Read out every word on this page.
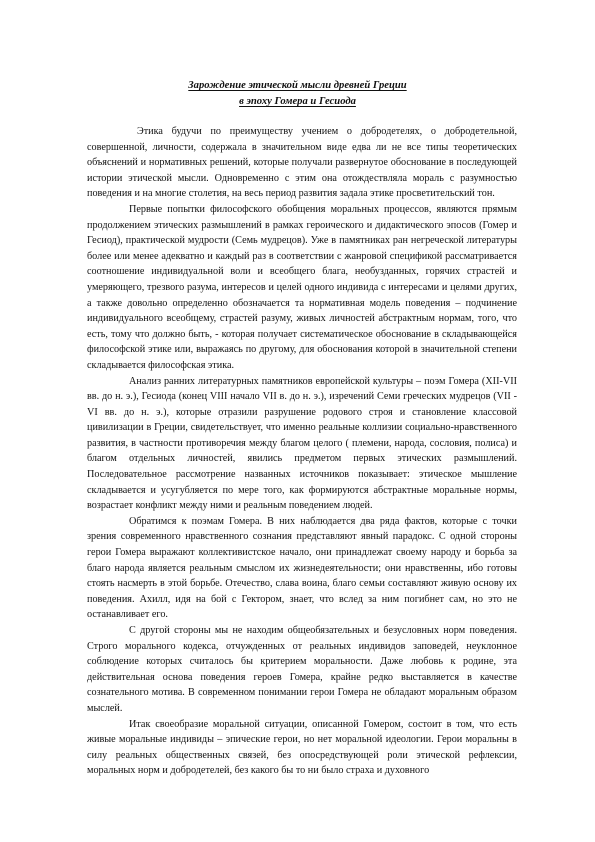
Зарождение этической мысли древней Греции
в эпоху Гомера и Гесиода

Этика будучи по преимуществу учением о добродетелях, о добродетельной, совершенной, личности, содержала в значительном виде едва ли не все типы теоретических объяснений и нормативных решений, которые получали развернутое обоснование в последующей истории этической мысли. Одновременно с этим она отождествляла мораль с разумностью поведения и на многие столетия, на весь период развития задала этике просветительский тон.

Первые попытки философского обобщения моральных процессов, являются прямым продолжением этических размышлений в рамках героического и дидактического эпосов (Гомер и Гесиод), практической мудрости (Семь мудрецов). Уже в памятниках ран негреческой литературы более или менее адекватно и каждый раз в соответствии с жанровой спецификой рассматривается соотношение индивидуальной воли и всеобщего блага, необузданных, горячих страстей и умеряющего, трезвого разума, интересов и целей одного индивида с интересами и целями других, а также довольно определенно обозначается та нормативная модель поведения – подчинение индивидуального всеобщему, страстей разуму, живых личностей абстрактным нормам, того, что есть, тому что должно быть, - которая получает систематическое обоснование в складывающейся философской этике или, выражаясь по другому, для обоснования которой в значительной степени складывается философская этика.

Анализ ранних литературных памятников европейской культуры – поэм Гомера (XII-VII вв. до н. э.), Гесиода (конец VIII начало VII в. до н. э.), изречений Семи греческих мудрецов (VII - VI вв. до н. э.), которые отразили разрушение родового строя и становление классовой цивилизации в Греции, свидетельствует, что именно реальные коллизии социально-нравственного развития, в частности противоречия между благом целого ( племени, народа, сословия, полиса) и благом отдельных личностей, явились предметом первых этических размышлений. Последовательное рассмотрение названных источников показывает: этическое мышление складывается и усугубляется по мере того, как формируются абстрактные моральные нормы, возрастает конфликт между ними и реальным поведением людей.

Обратимся к поэмам Гомера. В них наблюдается два ряда фактов, которые с точки зрения современного нравственного сознания представляют явный парадокс. С одной стороны герои Гомера выражают коллективистское начало, они принадлежат своему народу и борьба за благо народа является реальным смыслом их жизнедеятельности; они нравственны, ибо готовы стоять насмерть в этой борьбе. Отечество, слава воина, благо семьи составляют живую основу их поведения. Ахилл, идя на бой с Гектором, знает, что вслед за ним погибнет сам, но это не останавливает его.

С другой стороны мы не находим общеобязательных и безусловных норм поведения. Строго морального кодекса, отчужденных от реальных индивидов заповедей, неуклонное соблюдение которых считалось бы критерием моральности. Даже любовь к родине, эта действительная основа поведения героев Гомера, крайне редко выставляется в качестве сознательного мотива. В современном понимании герои Гомера не обладают моральным образом мыслей.

Итак своеобразие моральной ситуации, описанной Гомером, состоит в том, что есть живые моральные индивиды – эпические герои, но нет моральной идеологии. Герои моральны в силу реальных общественных связей, без опосредствующей роли этической рефлексии, моральных норм и добродетелей, без какого бы то ни было страха и духовного
